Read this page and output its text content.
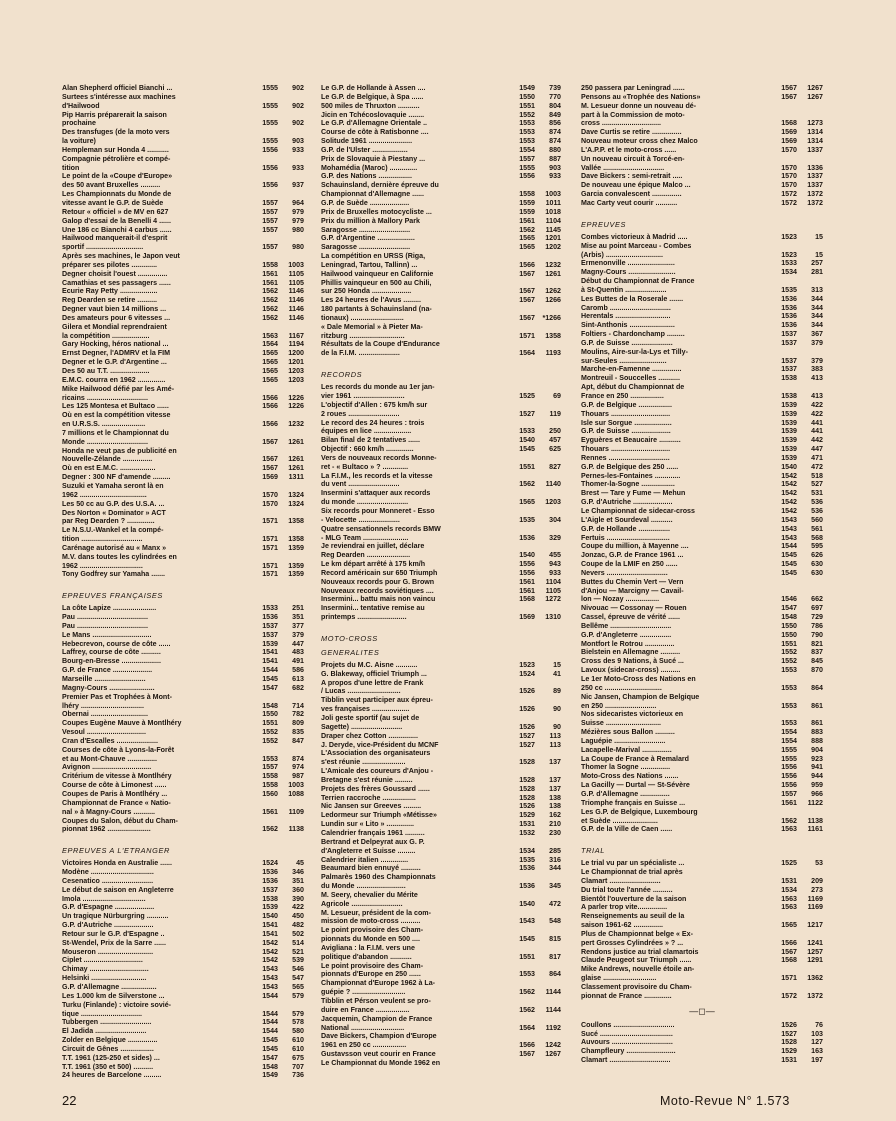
Alan Shepherd officiel Bianchi ...	1555	902
Surtees s'intéresse aux machines
d'Hailwood	1555	902
Pip Harris préparerait la saison
prochaine	1555	902
Des transfuges (de la moto vers
la voiture)	1555	903
Hempleman sur Honda 4 ...........	1556	933
Compagnie pétrolière et compé-
tition	1556	933
Le point de la «Coupe d'Europe»
des 50 avant Bruxelles ..........	1556	937
Les Championnats du Monde de
vitesse avant le G.P. de Suède	1557	964
Retour « officiel » de MV en 627	1557	979
Galop d'essai de la Benelli 4 ......	1557	979
Une 186 cc Bianchi 4 carbus ......	1557	980
Hailwood manquerait-il d'esprit
sportif .............................	1557	980
Après ses machines, le Japon veut
préparer ses pilotes .............	1558	1003
Degner choisit l'ouest ...............	1561	1105
Camathias et ses passagers ......	1561	1105
Ecurie Ray Petty ...................	1562	1146
Reg Dearden se retire ..........	1562	1146
Degner vaut bien 14 millions ...	1562	1146
Des amateurs pour 6 vitesses ...	1562	1146
Gilera et Mondial reprendraient
la compétition ...................	1563	1167
Gary Hocking, héros national ...	1564	1194
Ernst Degner, l'ADMRV et la FIM	1565	1200
Degner et le G.P. d'Argentine ...	1565	1201
Des 50 au T.T. ....................	1565	1203
E.M.C. courra en 1962 ..............	1565	1203
Mike Hailwood défié par les Amé-
ricains ...............................	1566	1226
Les 125 Montesa et Bultaco ......	1566	1226
Où en est la compétition vitesse
en U.R.S.S. ......................	1566	1232
7 millions et le Championnat du
Monde ...............................	1567	1261
Honda ne veut pas de publicité en
Nouvelle-Zélande ...............	1567	1261
Où en est E.M.C. ..................	1567	1261
Degner : 300 NF d'amende .........	1569	1311
Suzuki et Yamaha seront là en
1962 ..................................	1570	1324
Les 50 cc au G.P. des U.S.A. ...	1570	1324
Des Norton « Dominator » ACT
par Reg Dearden ? ..............	1571	1358
Le N.S.U.-Wankel et la compé-
tition ...............................	1571	1358
Carénage autorisé au « Manx »	1571	1359
M.V. dans toutes les cylindrées en
1962 ................................	1571	1359
Tony Godfrey sur Yamaha .......	1571	1359
EPREUVES FRANÇAISES
La côte Lapize ......................	1533	251
Pau ....................................	1536	351
Pau ....................................	1537	377
Le Mans ..............................	1537	379
Hebecrevon, course de côte ......	1539	447
Laffrey, course de côte ..........	1541	483
Bourg-en-Bresse ....................	1541	491
G.P. de France ....................	1544	586
Marseille ..........................	1545	613
Magny-Cours .......................	1547	682
Premier Pas et Trophées à Mont-
lhéry ................................	1548	714
Obernai .............................	1550	782
Coupes Eugène Mauve à Montlhéry	1551	809
Vesoul ..............................	1552	835
Cran d'Escalles .....................	1552	847
Courses de côte à Lyons-la-Forêt
et au Mont-Chauve ...............	1553	874
Avignon ..............................	1557	974
Critérium de vitesse à Montlhéry	1558	987
Course de côte à Limonest ......	1558	1003
Coupes de Paris à Montlhéry ...	1560	1088
Championnat de France « Natio-
nal » à Magny-Cours ...........	1561	1109
Coupes du Salon, début du Cham-
pionnat 1962 ......................	1562	1138
EPREUVES A L'ETRANGER
Victoires Honda en Australie ......	1524	45
Modène ................................	1536	346
Cesenatico ..........................	1536	351
Le début de saison en Angleterre	1537	360
Imola ................................	1538	390
G.P. d'Espagne ....................	1539	422
Un tragique Nürburgring ...........	1540	450
G.P. d'Autriche ....................	1541	482
Retour sur le G.P. d'Espagne ..	1541	502
St-Wendel, Prix de la Sarre ......	1542	514
Mouseron ............................	1542	521
Ciplet ..............................	1542	539
Chimay ..............................	1543	546
Helsinki ............................	1543	547
G.P. d'Allemagne ..................	1543	565
Les 1.000 km de Silverstone ...	1544	579
Turku (Finlande) : victoire sovié-
tique ...............................	1544	579
Tubbergen ..........................	1544	578
El Jadida ..........................	1544	580
Zolder en Belgique ...............	1545	610
Circuit de Gênes .................	1545	610
T.T. 1961 (125-250 et sides) ...	1547	675
T.T. 1961 (350 et 500) ..........	1548	707
24 heures de Barcelone .........	1549	736
Le G.P. de Hollande à Assen ....	1549	739
Le G.P. de Belgique, à Spa ......	1550	770
500 miles de Thruxton ...........	1551	804
Jicin en Tchécoslovaquie ........	1552	849
Le G.P. d'Allemagne Orientale ..	1553	856
Course de côte à Ratisbonne ....	1553	874
Solitude 1961 ......................	1553	874
G.P. de l'Ulster ..................	1554	880
Prix de Slovaquie à Piestany ...	1557	887
Mohamédia (Maroc) ..............	1555	903
G.P. des Nations .................	1556	933
Schauinsland, dernière épreuve du
Championnat d'Allemagne ......	1558	1003
G.P. de Suède ....................	1559	1011
Prix de Bruxelles motocycliste ...	1559	1018
Prix du million à Mallory Park	1561	1104
Saragosse ..........................	1562	1145
G.P. d'Argentine ...................	1565	1201
Saragosse ..........................	1565	1202
La compétition en URSS (Riga,
Leningrad, Tartou, Tallinn) ...	1566	1232
Hailwood vainqueur en Californie	1567	1261
Phillis vainqueur en 500 au Chili,
sur 250 Honda ....................	1567	1262
Les 24 heures de l'Avus .........	1567	1266
180 partants à Schauinsland (na-
tionaux) ...........................	1567	*1266
« Dale Memorial » à Pieter Ma-
ritzburg ............................	1571	1358
Résultats de la Coupe d'Endurance
de la F.I.M. .....................	1564	1193
RECORDS
Les records du monde au 1er jan-
vier 1961 ..........................	1525	69
L'objectif d'Allen : 675 km/h sur
2 roues ..........................	1527	119
Le record des 24 heures : trois
équipes en lice ...................	1533	250
Bilan final de 2 tentatives ......	1540	457
Objectif : 660 km/h ..............	1545	625
Vers de nouveaux records Monne-
ret - « Bultaco » ? .............	1551	827
La F.I.M., les records et la vitesse
du vent ..........................	1562	1140
Insermini s'attaquer aux records
du monde ..........................	1565	1203
Six records pour Monneret - Esso
- Velocette .....................	1535	304
Quatre sensationnels records BMW
- MLG Team .......................	1536	329
Je reviendrai en juillet, déclare
Reg Dearden ......................	1540	455
Le km départ arrêté à 175 km/h	1556	943
Record américain sur 650 Triumph	1556	933
Nouveaux records pour G. Brown	1561	1104
Nouveaux records soviétiques ....	1561	1105
Insermini... battu mais non vaincu	1568	1272
Insermini... tentative remise au
printemps .........................	1569	1310
MOTO-CROSS
GENERALITES
Projets du M.C. Aisne ...........	1523	15
G. Blakeway, officiel Triumph ...	1524	41
A propos d'une lettre de Frank
/ Lucas ...........................	1526	89
Tibblin veut participer aux épreu-
ves françaises ...................	1526	90
Joli geste sportif (au sujet de
Sagette) ..........................	1526	90
Draper chez Cotton ...............	1527	113
J. Deryde, vice-Président du MCNF	1527	113
L'Association des organisateurs
s'est réunie ......................	1528	137
L'Amicale des coureurs d'Anjou -
Bretagne s'est réunie .........	1528	137
Projets des frères Goussard ......	1528	137
Terrien raccroche .................	1528	138
Nic Jansen sur Greeves .........	1526	138
Ledormeur sur Triumph «Métisse»	1529	162
Lundin sur « Lito » ..............	1531	210
Calendrier français 1961 ..........	1532	230
Bertrand et Delpeyrat aux G. P.
d'Angleterre et Suisse .........	1534	285
Calendrier italien ..............	1535	316
Beaumard bien ennuyé ..........	1536	344
Palmarès 1960 des Championnats
du Monde .........................	1536	345
M. Seery, chevalier du Mérite
Agricole ..........................	1540	472
M. Lesueur, président de la com-
mission de moto-cross ..........	1543	548
Le point provisoire des Cham-
pionnats du Monde en 500 ....	1545	815
Avigliana : la F.I.M. vers une
politique d'abandon ...........	1551	817
Le point provisoire des Cham-
pionnats d'Europe en 250 ......	1553	864
Championnat d'Europe 1962 à La-
guépie ? ...........................	1562	1144
Tibblin et Pérson veulent se pro-
duire en France .................	1562	1144
Jacquemin, Champion de France
National ...........................	1564	1192
Dave Bickers, Champion d'Europe
1961 en 250 cc .................	1566	1242
Gustavsson veut courir en France	1567	1267
Le Championnat du Monde 1962 en
250 passera par Leningrad ......	1567	1267
Pensons au «Trophée des Nations»	1567	1267
M. Lesueur donne un nouveau dé-
part à la Commission de moto-
cross ..............................	1568	1273
Dave Curtis se retire ...............	1569	1314
Nouveau moteur cross chez Malco	1569	1314
L'A.P.P. et le moto-cross ......	1570	1337
Un nouveau circuit à Torcé-en-
Vallée ...............................	1570	1336
Dave Bickers : semi-retrait .....	1570	1337
De nouveau une épique Malco ...	1570	1337
Garcia convalescent ...............	1572	1372
Mac Carty veut courir ...........	1572	1372
EPREUVES
Combes victorieux à Madrid .....	1523	15
Mise au point Marceau - Combes
(Arbis) .............................	1523	15
Ermenonville ........................	1533	257
Magny-Cours ........................	1534	281
Début du Championnat de France
à St-Quentin .....................	1535	313
Les Buttes de la Roserale .......	1536	344
Caromb ...............................	1536	344
Herentals ............................	1536	344
Sint-Anthonis .......................	1536	344
Foltiers - Chardonchamp .........	1537	367
G.P. de Suisse .....................	1537	379
Moulins, Aire-sur-la-Lys et Tilly-
sur-Seules ........................	1537	379
Marche-en-Famenne ...............	1537	383
Montreuil - Souccelles ...........	1538	413
Apt, début du Championnat de
France en 250 .................	1538	413
G.P. de Belgique .................	1539	422
Thouars ..............................	1539	422
Isle sur Sorgue ...................	1539	441
G.P. de Suisse ....................	1539	441
Eyguères et Beaucaire ...........	1539	442
Thouars ..............................	1539	447
Rennes ...............................	1539	471
G.P. de Belgique des 250 ......	1540	472
Pernes-les-Fontaines .............	1542	518
Thomer-la-Sogne .................	1542	527
Brest — Tare y Fume — Mehun	1542	531
G.P. d'Autriche ....................	1542	536
Le Championnat de sidecar-cross	1542	536
L'Aigle et Sourdeval ...........	1543	560
G.P. de Hollande ................	1543	561
Fertuis ................................	1543	568
Coupe du million, à Mayenne ....	1544	595
Jonzac, G.P. de France 1961 ...	1545	626
Coupe de la LMIF en 250 ......	1545	630
Nevers ...............................	1545	630
Buttes du Chemin Vert — Vern
d'Anjou — Marcigny — Cavail-
lon — Nozay .................	1546	662
Nivouac — Cossonay — Rouen	1547	697
Cassel, épreuve de vérité ......	1548	729
Bellême ...............................	1550	786
G.P. d'Angleterre ................	1550	790
Montfort le Rotrou ...............	1551	821
Bielstein en Allemagne ..........	1552	837
Cross des 9 Nations, à Sucé ...	1552	845
Lavoux (sidecar-cross) ..........	1553	870
Le 1er Moto-Cross des Nations en
250 cc .............................	1553	864
Nic Jansen, Champion de Belgique
en 250 ..........................	1553	861
Nos sidecaristes victorieux en
Suisse ............................	1553	861
Mézières sous Ballon ..........	1554	883
Laguépie ..........................	1554	888
Lacapelle-Marival ...............	1555	904
La Coupe de France à Remalard	1555	923
Thomer la Sogne ...............	1556	941
Moto-Cross des Nations .......	1556	944
La Gacilly — Durtal — St-Sévère	1556	959
G.P. d'Allemagne ...............	1557	966
Triomphe français en Suisse ...	1561	1122
Les G.P. de Belgique, Luxembourg
et Suède .......................	1562	1138
G.P. de la Ville de Caen ......	1563	1161
TRIAL
Le trial vu par un spécialiste ...	1525	53
Le Championnat de trial après
Clamart ..........................	1531	209
Du trial toute l'année ..........	1534	273
Bientôt l'ouverture de la saison	1563	1169
A parler trop vite...............	1563	1169
Renseignements au seuil de la
saison 1961-62 ...............	1565	1217
Plus de Championnat belge « Ex-
pert Grosses Cylindrées » ? ...	1566	1241
Rendons justice au trial clamartois	1567	1257
Claude Peugeot sur Triumph ......	1568	1291
Mike Andrews, nouvelle étoile an-
glaise ...........................	1571	1362
Classement provisoire du Cham-
pionnat de France ..............	1572	1372
—◻—
Coullons ...............................	1526	76
Sucé .....................................	1527	103
Auvours ...............................	1528	127
Champfleury .........................	1529	163
Clamart ...............................	1531	197
22	Moto-Revue N° 1.573
